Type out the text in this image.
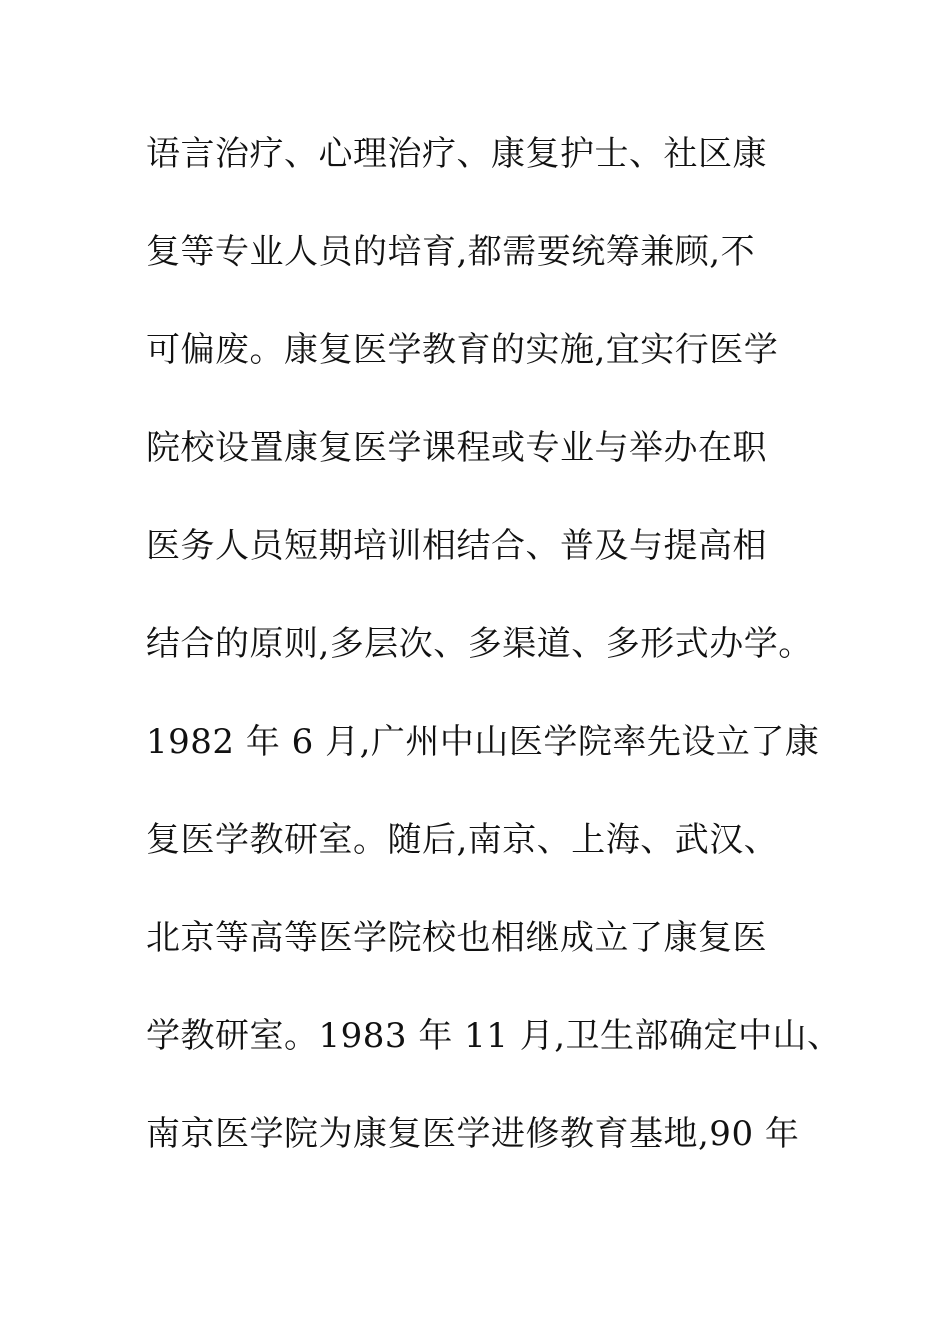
语言治疗、心理治疗、康复护士、社区康
复等专业人员的培育,都需要统筹兼顾,不
可偏废。康复医学教育的实施,宜实行医学
院校设置康复医学课程或专业与举办在职
医务人员短期培训相结合、普及与提高相
结合的原则,多层次、多渠道、多形式办学。
1982 年 6 月,广州中山医学院率先设立了康
复医学教研室。随后,南京、上海、武汉、
北京等高等医学院校也相继成立了康复医
学教研室。1983 年 11 月,卫生部确定中山、
南京医学院为康复医学进修教育基地,90 年
